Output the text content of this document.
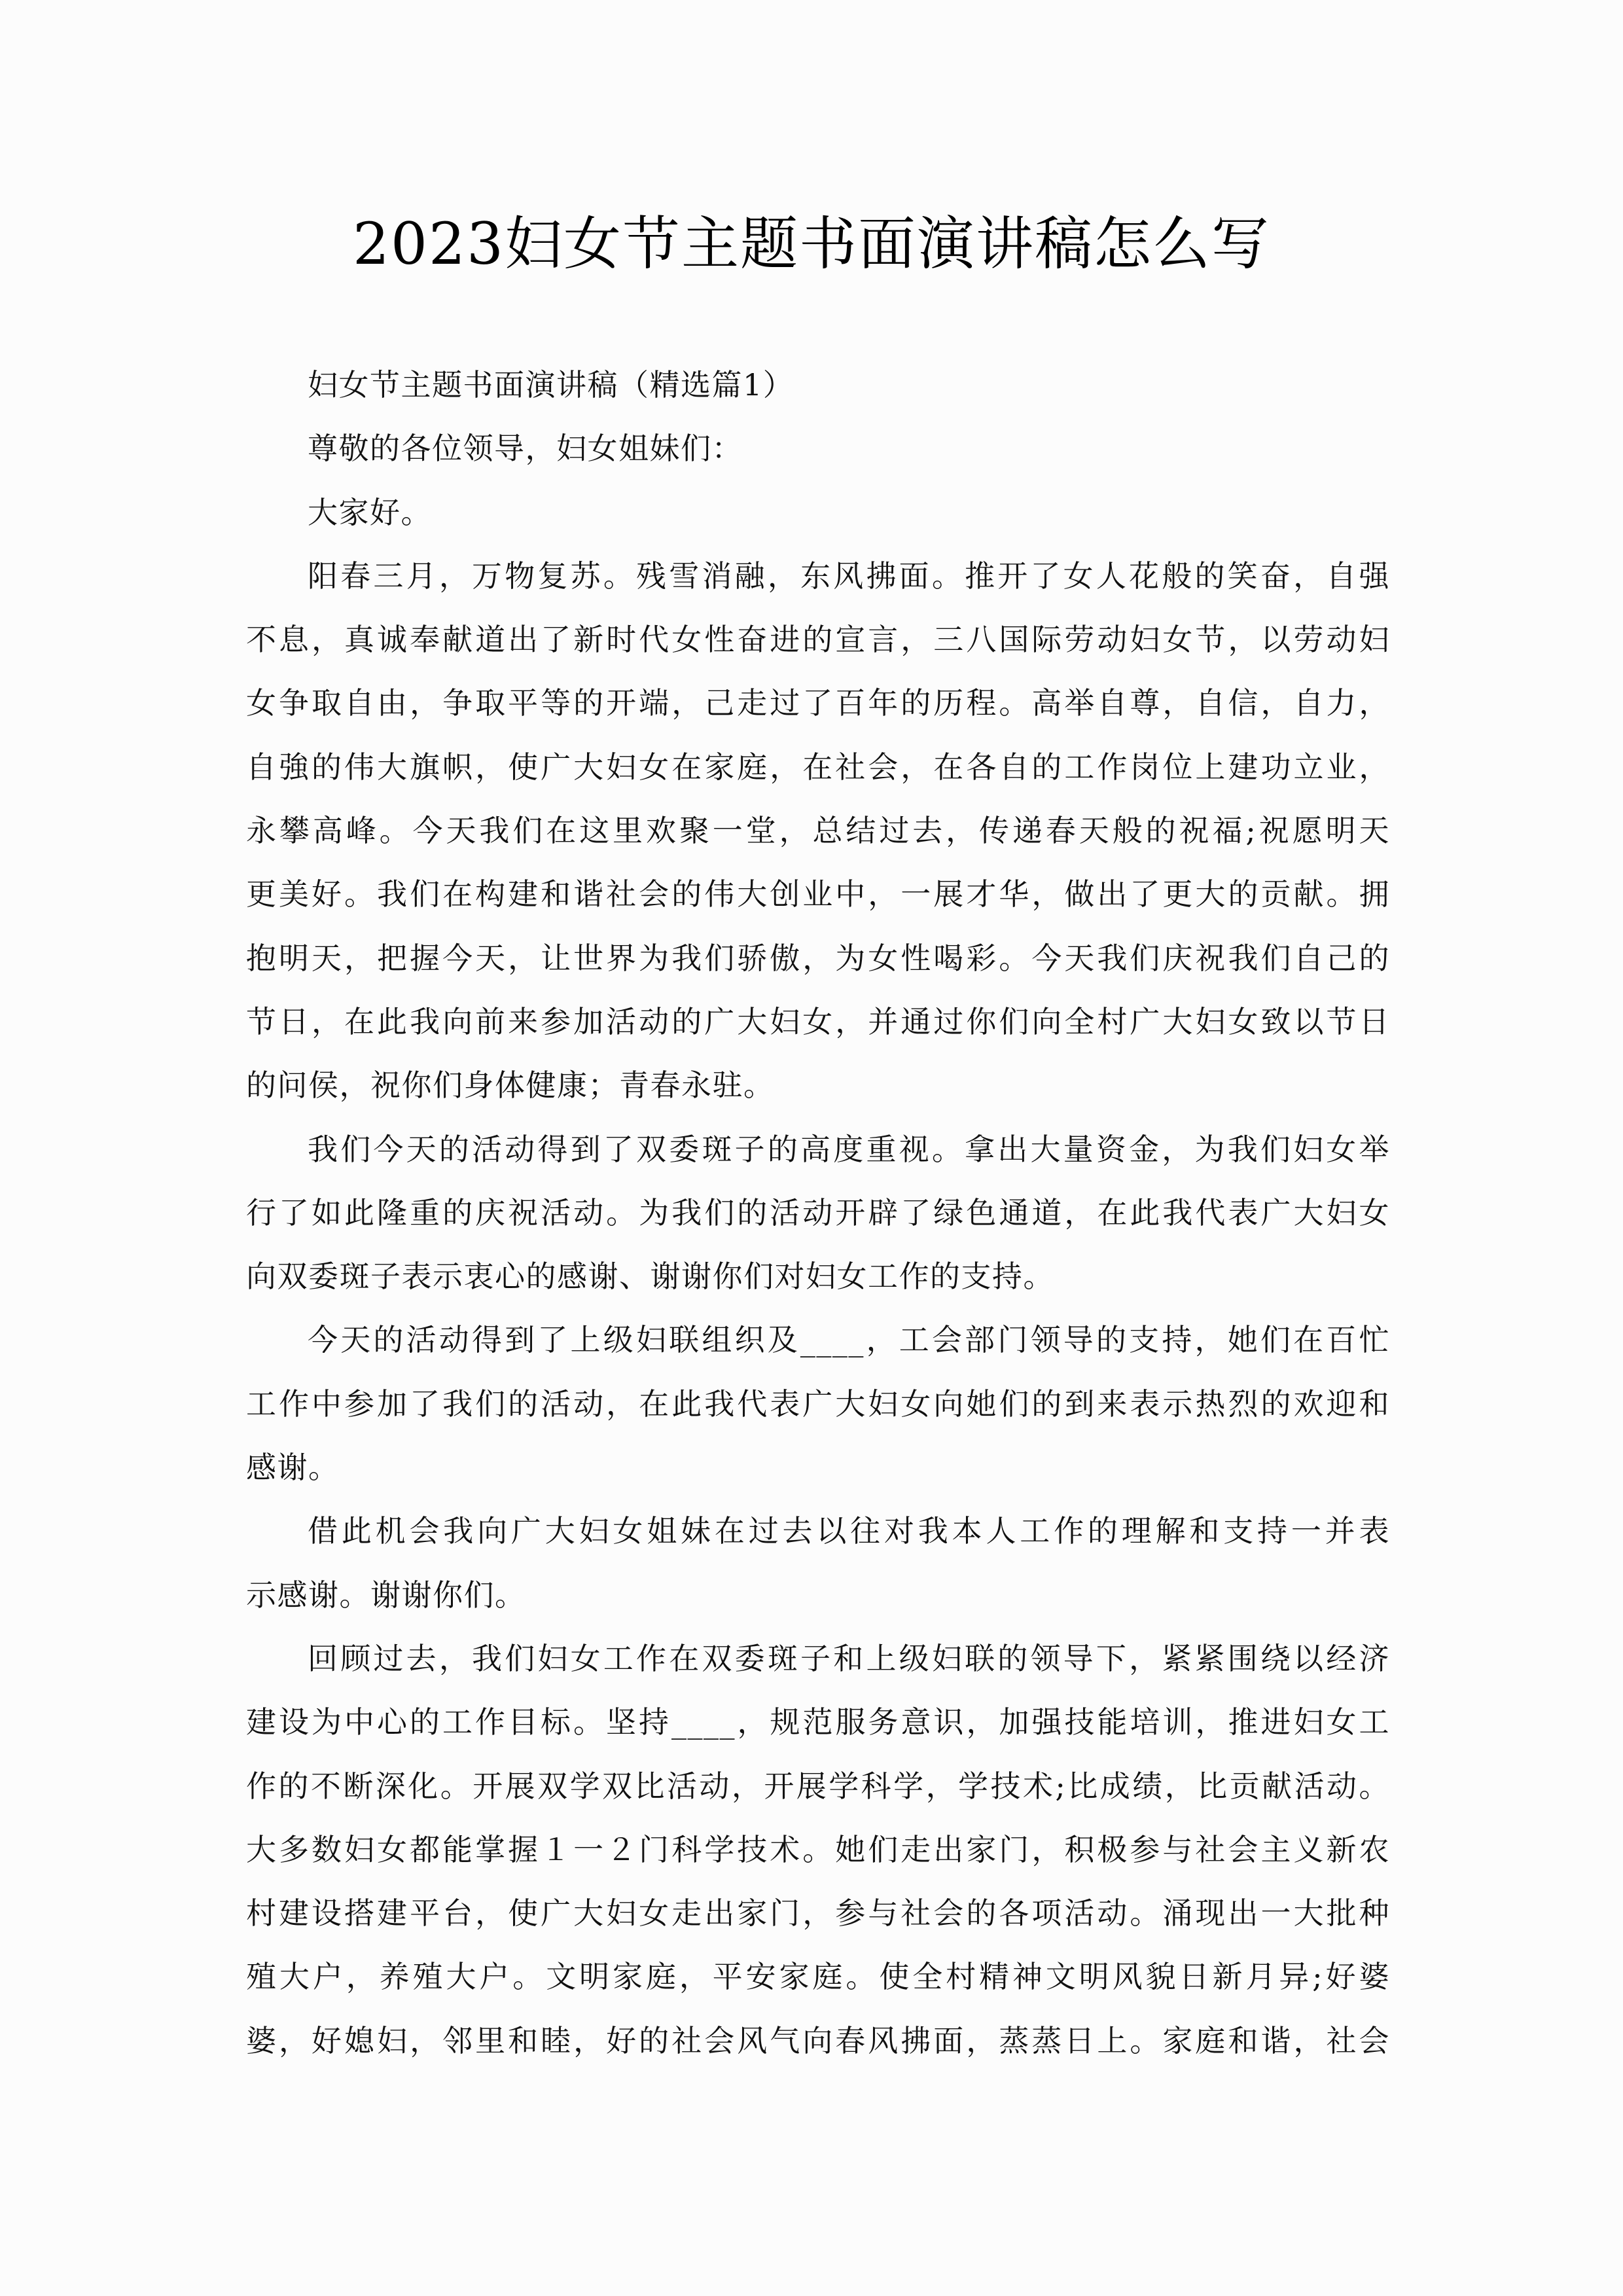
2023妇女节主题书面演讲稿怎么写
妇女节主题书面演讲稿（精选篇1）
尊敬的各位领导，妇女姐妹们：
大家好。
阳春三月，万物复苏。残雪消融，东风拂面。推开了女人花般的笑奋，自强
不息，真诚奉献道出了新时代女性奋进的宣言，三八国际劳动妇女节，以劳动妇
女争取自由，争取平等的开端，己走过了百年的历程。高举自尊，自信，自力，
自強的伟大旗帜，使广大妇女在家庭，在社会，在各自的工作岗位上建功立业，
永攀高峰。今天我们在这里欢聚一堂，总结过去，传递春天般的祝福;祝愿明天
更美好。我们在构建和谐社会的伟大创业中，一展才华，做出了更大的贡献。拥
抱明天，把握今天，让世界为我们骄傲，为女性喝彩。今天我们庆祝我们自己的
节日，在此我向前来参加活动的广大妇女，并通过你们向全村广大妇女致以节日
的问侯，祝你们身体健康；青春永驻。
我们今天的活动得到了双委斑子的高度重视。拿出大量资金，为我们妇女举
行了如此隆重的庆祝活动。为我们的活动开辟了绿色通道，在此我代表广大妇女
向双委斑子表示衷心的感谢、谢谢你们对妇女工作的支持。
今天的活动得到了上级妇联组织及____，工会部门领导的支持，她们在百忙
工作中参加了我们的活动，在此我代表广大妇女向她们的到来表示热烈的欢迎和
感谢。
借此机会我向广大妇女姐妹在过去以往对我本人工作的理解和支持一并表
示感谢。谢谢你们。
回顾过去，我们妇女工作在双委斑子和上级妇联的领导下，紧紧围绕以经济
建设为中心的工作目标。坚持____，规范服务意识，加强技能培训，推进妇女工
作的不断深化。开展双学双比活动，开展学科学，学技术;比成绩，比贡献活动。
大多数妇女都能掌握１一２门科学技术。她们走出家门，积极参与社会主义新农
村建设搭建平台，使广大妇女走出家门，参与社会的各项活动。涌现出一大批种
殖大户，养殖大户。文明家庭，平安家庭。使全村精神文明风貌日新月异;好婆
婆，好媳妇，邻里和睦，好的社会风气向春风拂面，蒸蒸日上。家庭和谐，社会
